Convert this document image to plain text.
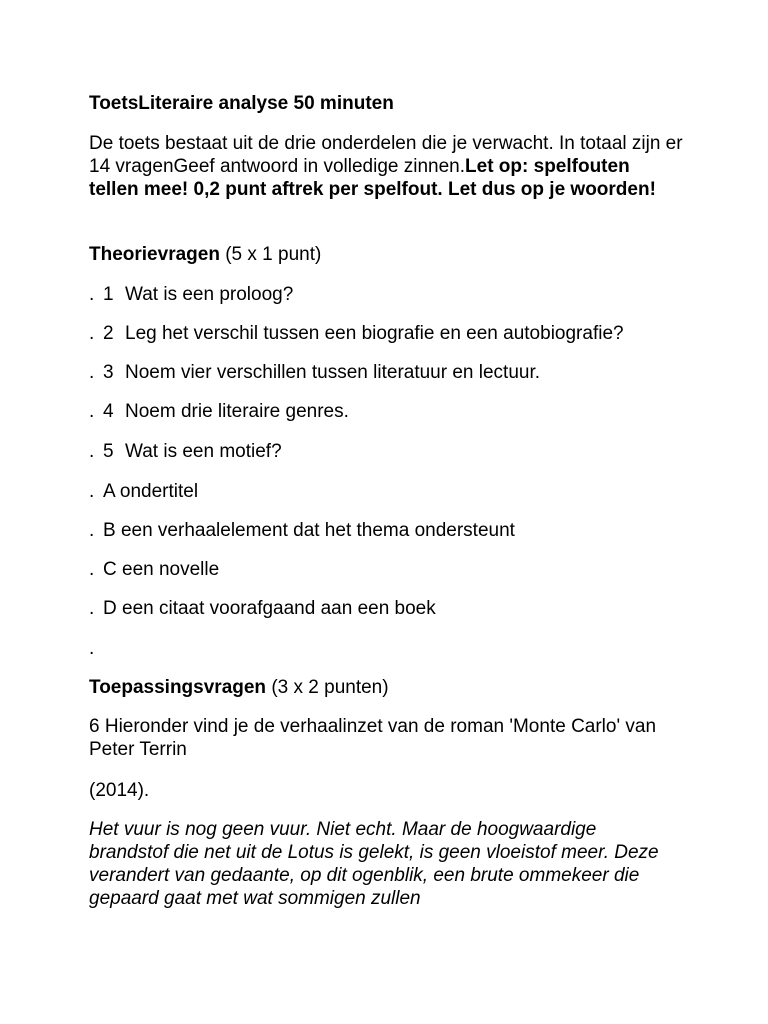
ToetsLiteraire analyse 50 minuten
De toets bestaat uit de drie onderdelen die je verwacht. In totaal zijn er 14 vragenGeef antwoord in volledige zinnen.Let op: spelfouten tellen mee! 0,2 punt aftrek per spelfout. Let dus op je woorden!
Theorievragen (5 x 1 punt)
. 1 Wat is een proloog?
. 2 Leg het verschil tussen een biografie en een autobiografie?
. 3 Noem vier verschillen tussen literatuur en lectuur.
. 4 Noem drie literaire genres.
. 5 Wat is een motief?
. A ondertitel
. B een verhaalelement dat het thema ondersteunt
. C een novelle
. D een citaat voorafgaand aan een boek
.
Toepassingsvragen (3 x 2 punten)
6 Hieronder vind je de verhaalinzet van de roman 'Monte Carlo' van Peter Terrin
(2014).
Het vuur is nog geen vuur. Niet echt. Maar de hoogwaardige brandstof die net uit de Lotus is gelekt, is geen vloeistof meer. Deze verandert van gedaante, op dit ogenblik, een brute ommekeer die gepaard gaat met wat sommigen zullen
